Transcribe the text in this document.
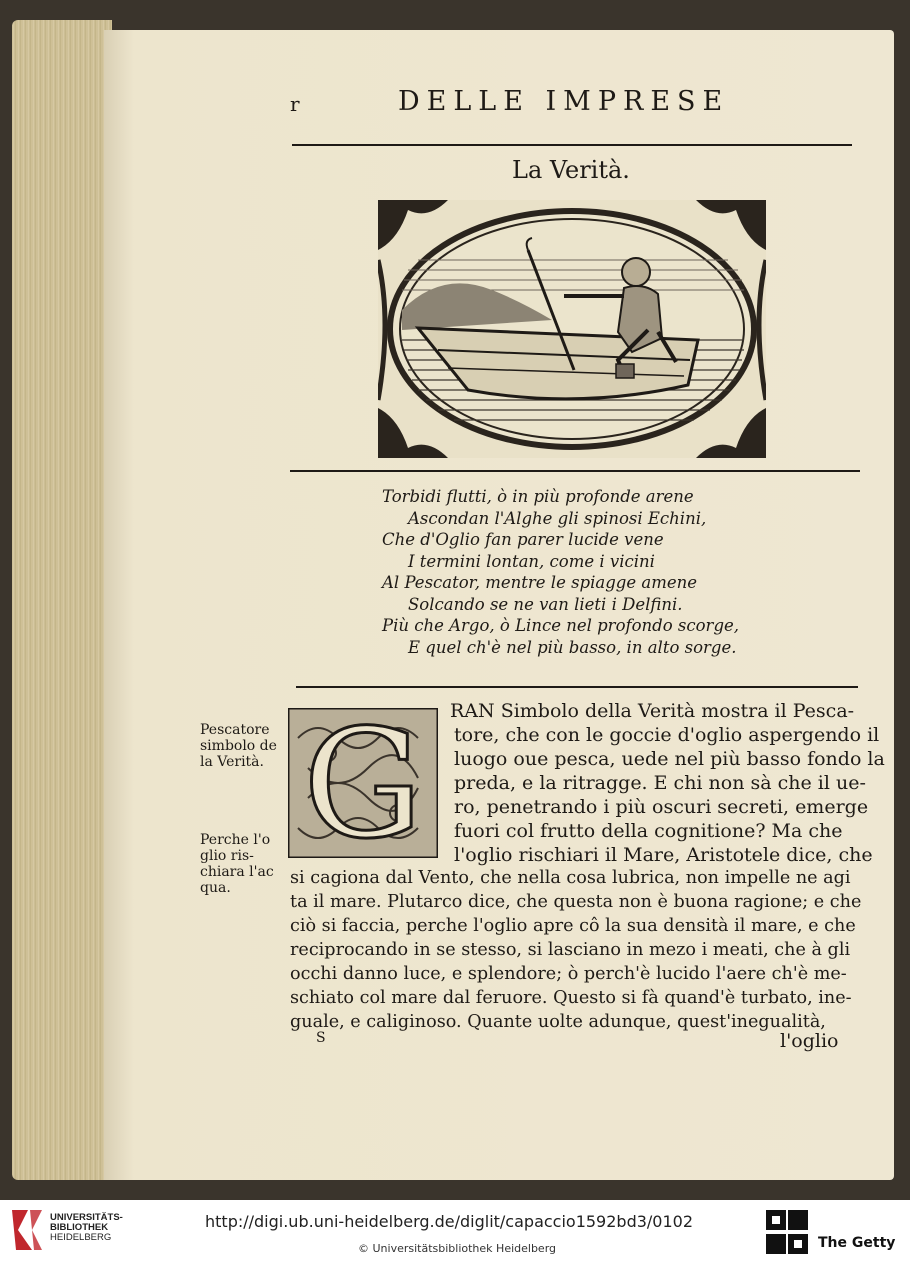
r	DELLE IMPRESE
La Verità.
Torbidi flutti, ò in più profonde arene
Ascondan l'Alghe gli spinosi Echini,
Che d'Oglio fan parer lucide vene
I termini lontan, come i vicini
Al Pescator, mentre le spiagge amene
Solcando se ne van lieti i Delfini.
Più che Argo, ò Lince nel profondo scorge,
E quel ch'è nel più basso, in alto sorge.
Pescatore
simbolo de
la Verità.
Perche l'o
glio ris-
chiara l'ac
qua.
G RAN Simbolo della Verità mostra il Pesca-
tore, che con le goccie d'oglio aspergendo il
luogo oue pesca, uede nel più basso fondo la
preda, e la ritragge. E chi non sà che il ue-
ro, penetrando i più oscuri secreti, emerge
fuori col frutto della cognitione? Ma che
l'oglio rischiari il Mare, Aristotele dice, che
si cagiona dal Vento, che nella cosa lubrica, non impelle ne agi
ta il mare. Plutarco dice, che questa non è buona ragione; e che
ciò si faccia, perche l'oglio apre cô la sua densità il mare, e che
reciprocando in se stesso, si lasciano in mezo i meati, che à gli
occhi danno luce, e splendore; ò perch'è lucido l'aere ch'è me-
schiato col mare dal feruore. Questo si fà quand'è turbato, ine-
guale, e caliginoso. Quante uolte adunque, quest'inegualità,
l'oglio
S
UNIVERSITÄTS-
BIBLIOTHEK
HEIDELBERG
http://digi.ub.uni-heidelberg.de/diglit/capaccio1592bd3/0102
© Universitätsbibliothek Heidelberg	The Getty
